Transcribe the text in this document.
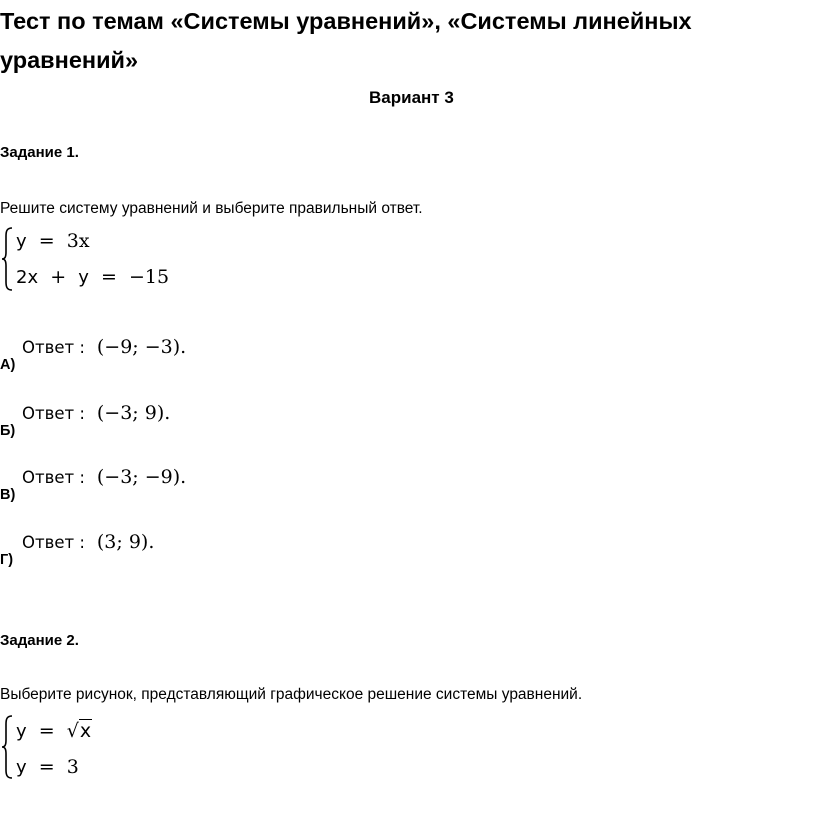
Тест по темам «Системы уравнений», «Системы линейных уравнений»
Вариант 3
Задание 1.
Решите систему уравнений и выберите правильный ответ.
y = 3x
2x + y = −15
Ответ : (−9; −3).
А)
Ответ : (−3; 9).
Б)
Ответ : (−3; −9).
В)
Ответ : (3; 9).
Г)
Задание 2.
Выберите рисунок, представляющий графическое решение системы уравнений.
y = √x
y = 3
